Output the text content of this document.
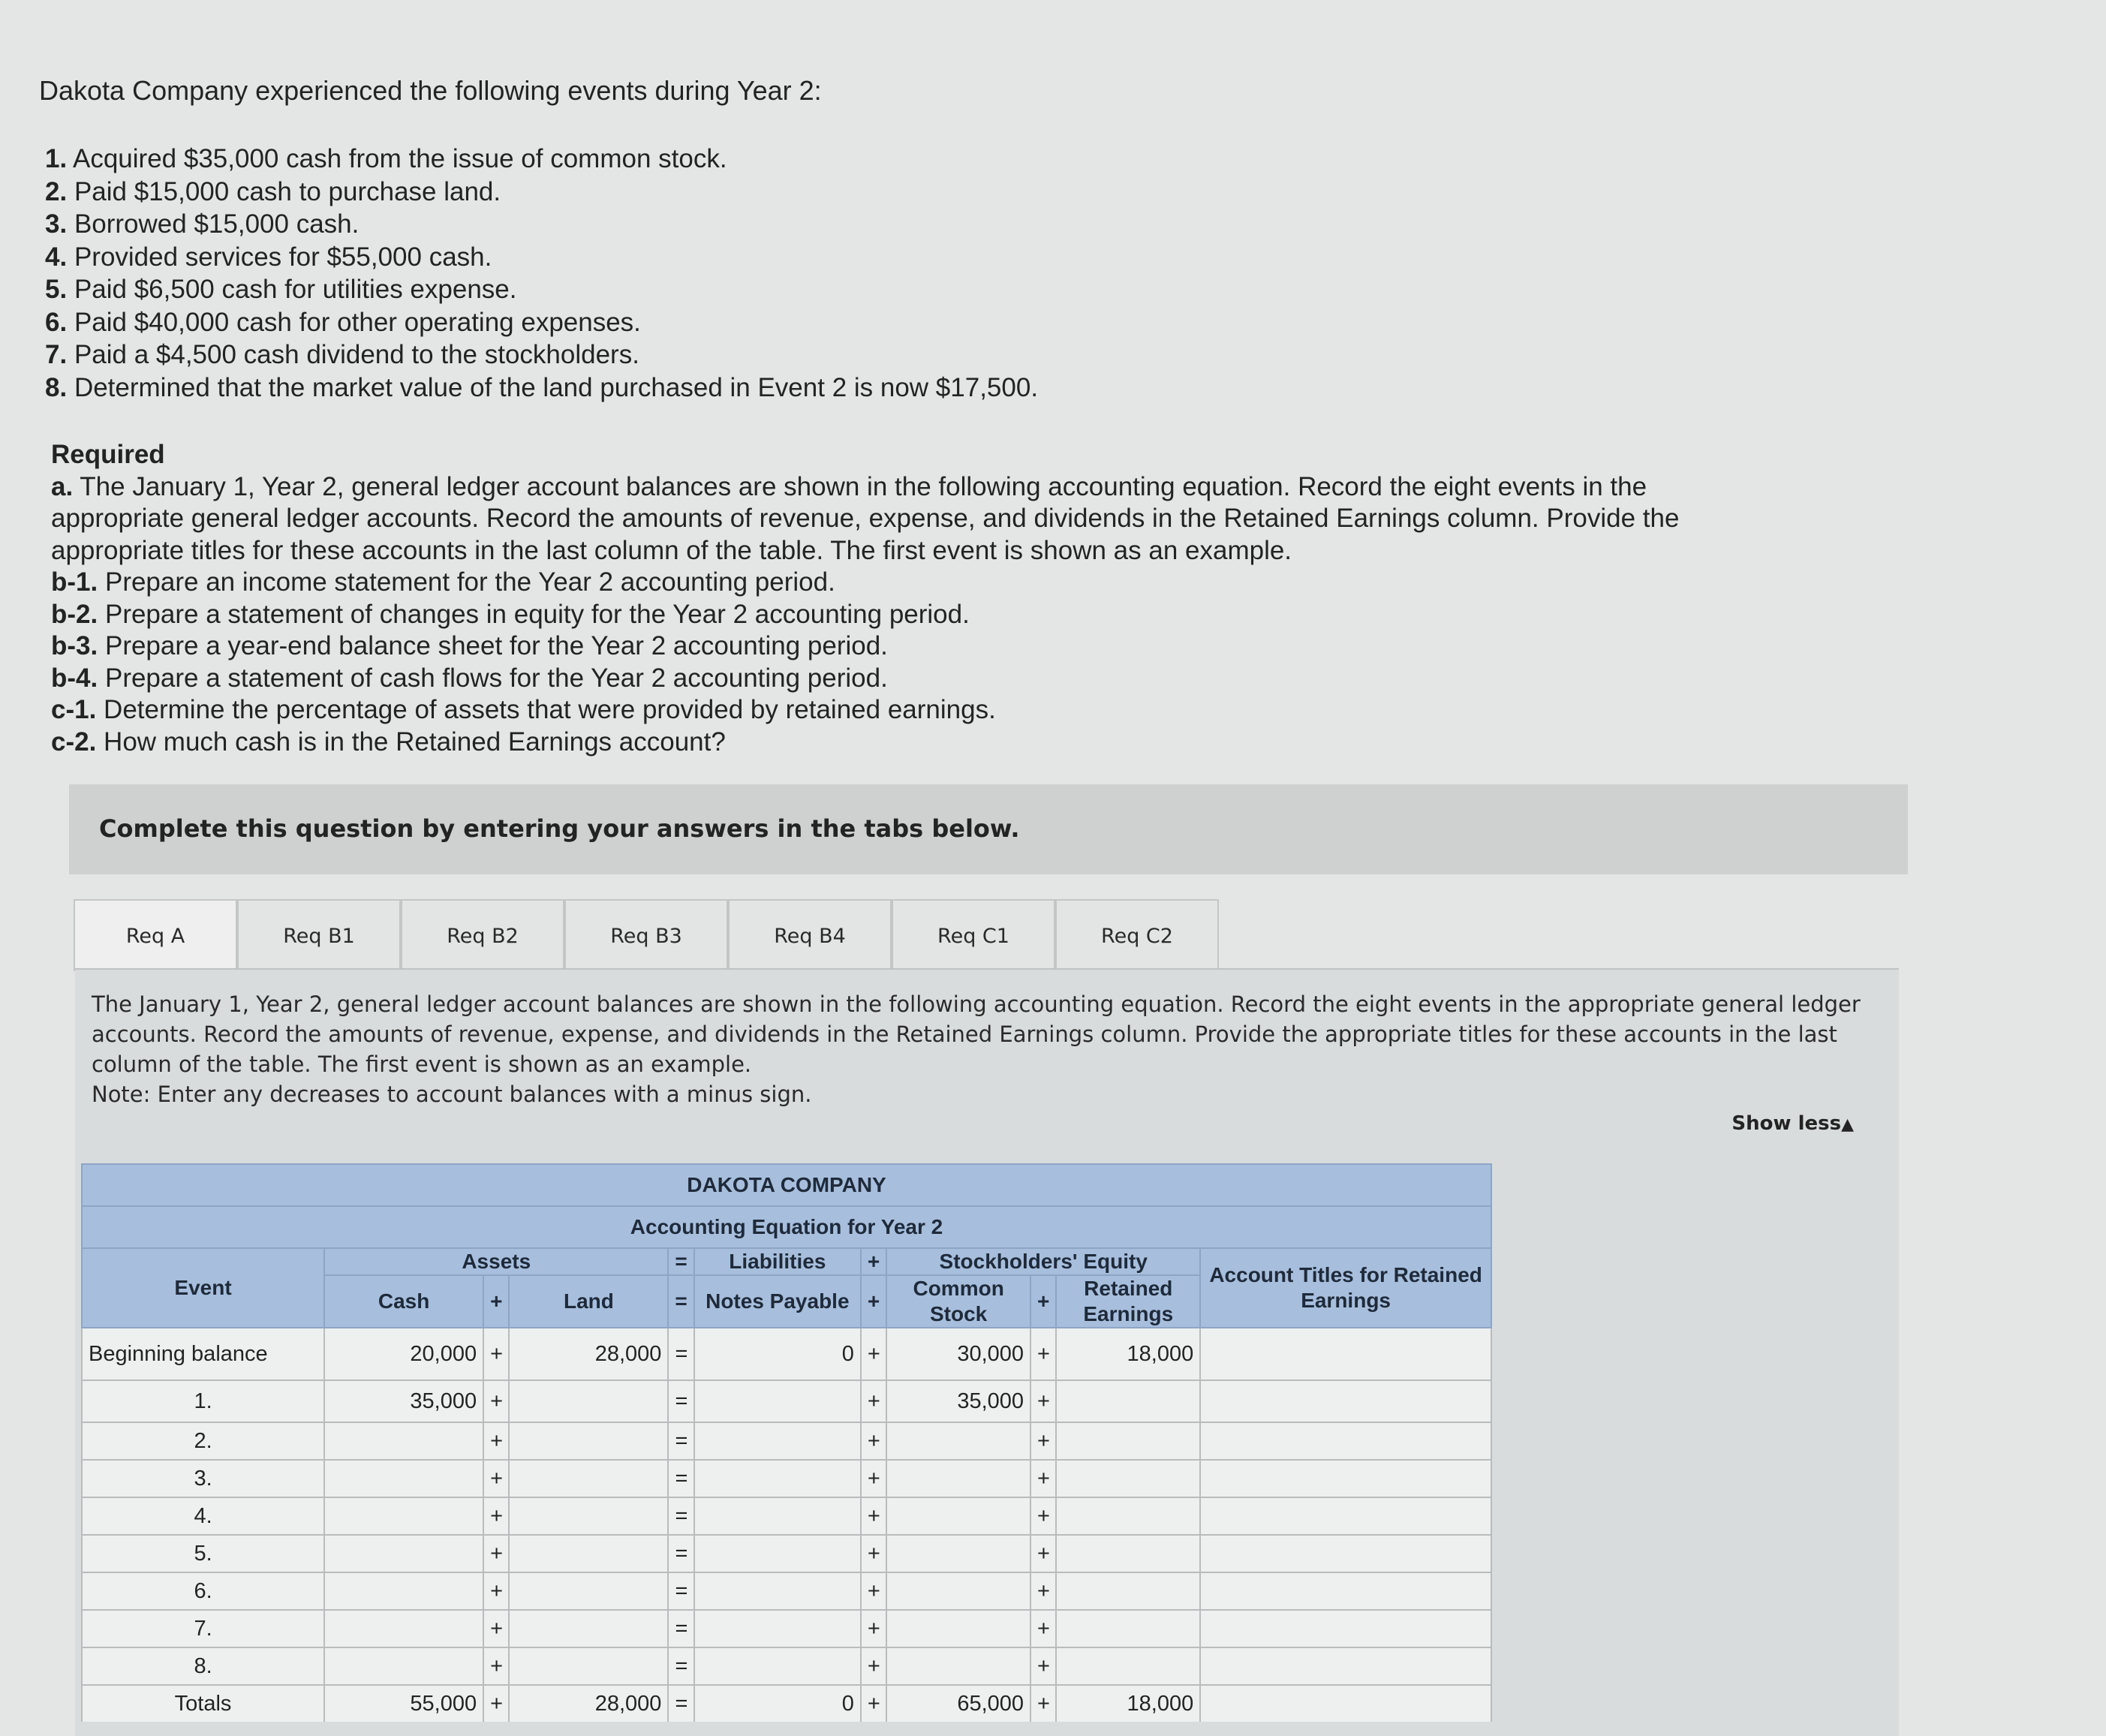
Dakota Company experienced the following events during Year 2:
1. Acquired $35,000 cash from the issue of common stock.
2. Paid $15,000 cash to purchase land.
3. Borrowed $15,000 cash.
4. Provided services for $55,000 cash.
5. Paid $6,500 cash for utilities expense.
6. Paid $40,000 cash for other operating expenses.
7. Paid a $4,500 cash dividend to the stockholders.
8. Determined that the market value of the land purchased in Event 2 is now $17,500.
Required
a. The January 1, Year 2, general ledger account balances are shown in the following accounting equation. Record the eight events in the appropriate general ledger accounts. Record the amounts of revenue, expense, and dividends in the Retained Earnings column. Provide the appropriate titles for these accounts in the last column of the table. The first event is shown as an example.
b-1. Prepare an income statement for the Year 2 accounting period.
b-2. Prepare a statement of changes in equity for the Year 2 accounting period.
b-3. Prepare a year-end balance sheet for the Year 2 accounting period.
b-4. Prepare a statement of cash flows for the Year 2 accounting period.
c-1. Determine the percentage of assets that were provided by retained earnings.
c-2. How much cash is in the Retained Earnings account?
Complete this question by entering your answers in the tabs below.
Req A	Req B1	Req B2	Req B3	Req B4	Req C1	Req C2
The January 1, Year 2, general ledger account balances are shown in the following accounting equation. Record the eight events in the appropriate general ledger accounts. Record the amounts of revenue, expense, and dividends in the Retained Earnings column. Provide the appropriate titles for these accounts in the last column of the table. The first event is shown as an example.
Note: Enter any decreases to account balances with a minus sign.
Show less▲
DAKOTA COMPANY										
Accounting Equation for Year 2										
Event	Assets			=	Liabilities	+	Stockholders' Equity			Account Titles for Retained Earnings
	Cash	+	Land	=	Notes Payable	+	Common Stock	+	Retained Earnings	
Beginning balance	20,000	+	28,000	=	0	+	30,000	+	18,000	
1.	35,000	+		=		+	35,000	+		
2.		+		=		+		+		
3.		+		=		+		+		
4.		+		=		+		+		
5.		+		=		+		+		
6.		+		=		+		+		
7.		+		=		+		+		
8.		+		=		+		+		
Totals	55,000	+	28,000	=	0	+	65,000	+	18,000	
